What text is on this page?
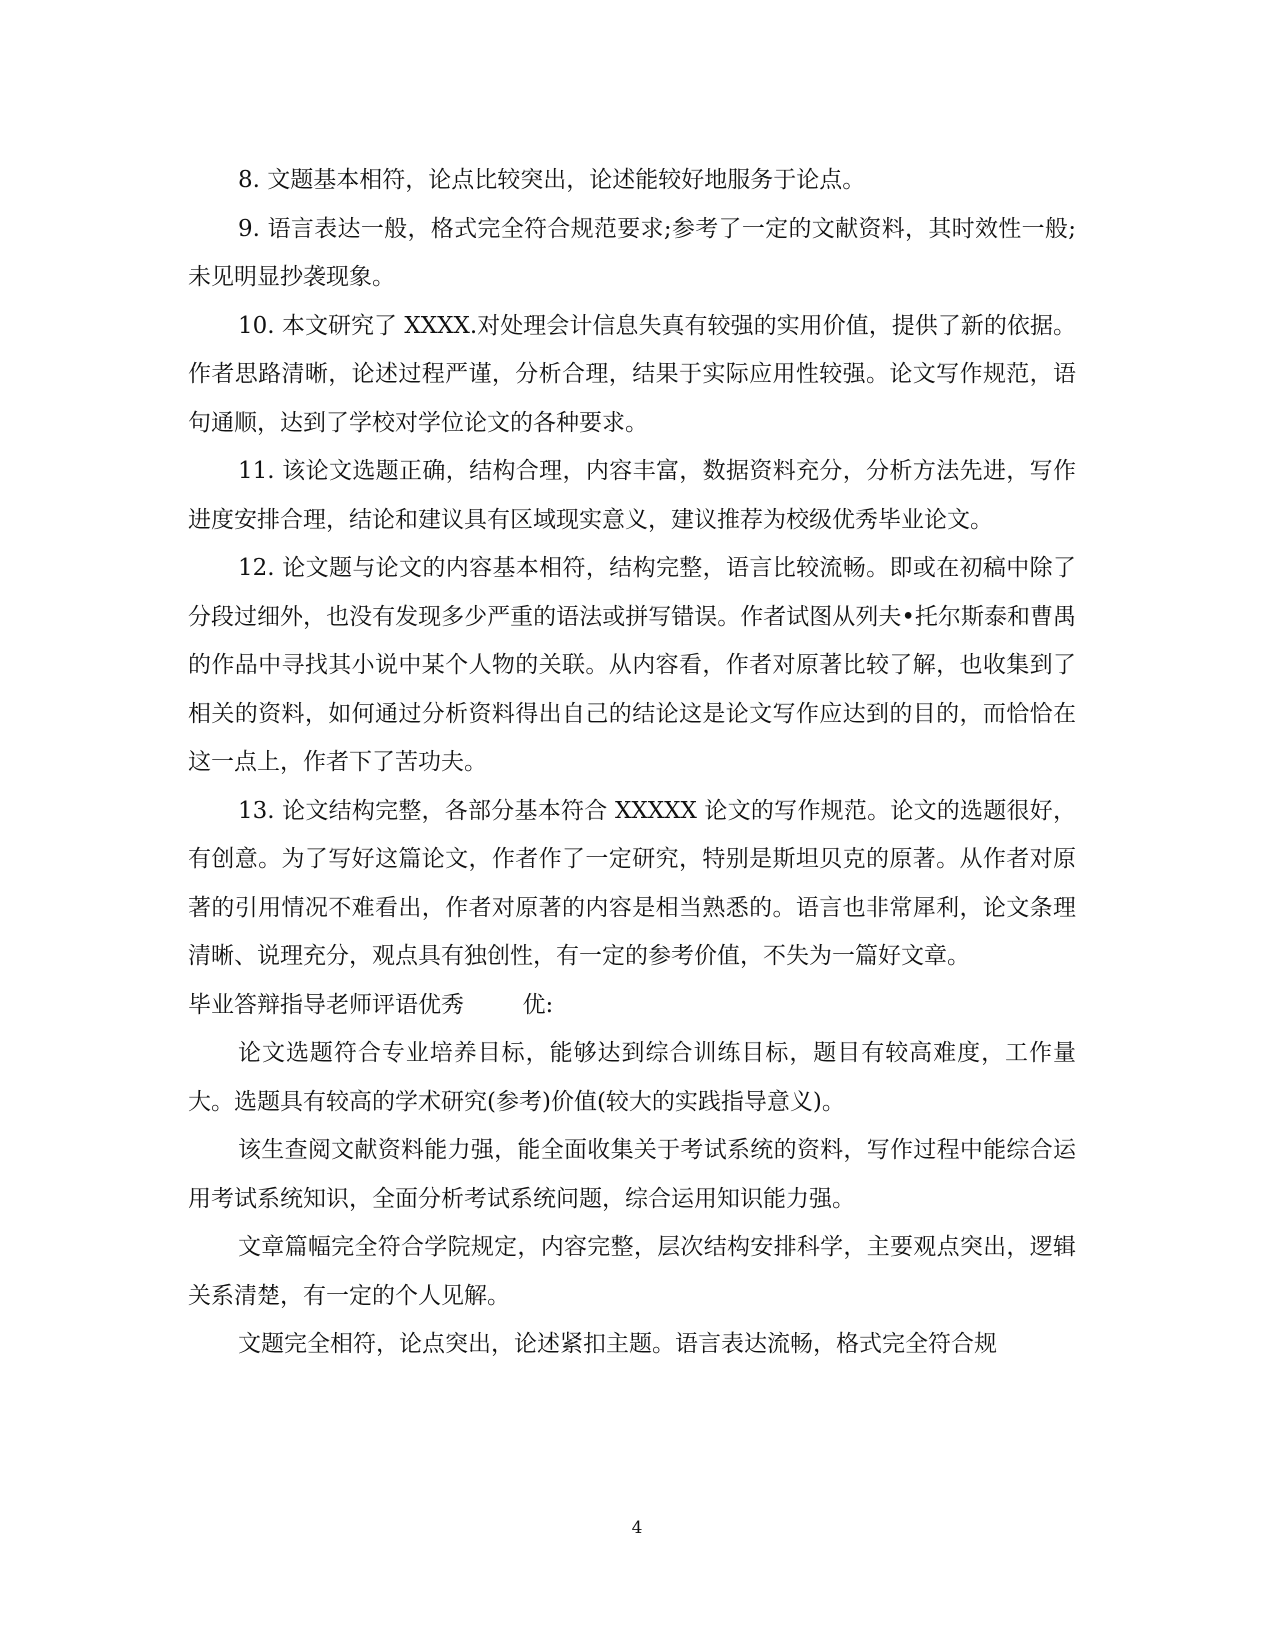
8. 文题基本相符，论点比较突出，论述能较好地服务于论点。

9. 语言表达一般，格式完全符合规范要求;参考了一定的文献资料，其时效性一般;未见明显抄袭现象。

10. 本文研究了 XXXX.对处理会计信息失真有较强的实用价值，提供了新的依据。作者思路清晰，论述过程严谨，分析合理，结果于实际应用性较强。论文写作规范，语句通顺，达到了学校对学位论文的各种要求。

11. 该论文选题正确，结构合理，内容丰富，数据资料充分，分析方法先进，写作进度安排合理，结论和建议具有区域现实意义，建议推荐为校级优秀毕业论文。

12. 论文题与论文的内容基本相符，结构完整，语言比较流畅。即或在初稿中除了分段过细外，也没有发现多少严重的语法或拼写错误。作者试图从列夫•托尔斯泰和曹禺的作品中寻找其小说中某个人物的关联。从内容看，作者对原著比较了解，也收集到了相关的资料，如何通过分析资料得出自己的结论这是论文写作应达到的目的，而恰恰在这一点上，作者下了苦功夫。

13. 论文结构完整，各部分基本符合 XXXXX 论文的写作规范。论文的选题很好，有创意。为了写好这篇论文，作者作了一定研究，特别是斯坦贝克的原著。从作者对原著的引用情况不难看出，作者对原著的内容是相当熟悉的。语言也非常犀利，论文条理清晰、说理充分，观点具有独创性，有一定的参考价值，不失为一篇好文章。

毕业答辩指导老师评语优秀	优:

论文选题符合专业培养目标，能够达到综合训练目标，题目有较高难度，工作量大。选题具有较高的学术研究(参考)价值(较大的实践指导意义)。

该生查阅文献资料能力强，能全面收集关于考试系统的资料，写作过程中能综合运用考试系统知识，全面分析考试系统问题，综合运用知识能力强。

文章篇幅完全符合学院规定，内容完整，层次结构安排科学，主要观点突出，逻辑关系清楚，有一定的个人见解。

文题完全相符，论点突出，论述紧扣主题。语言表达流畅，格式完全符合规

4
